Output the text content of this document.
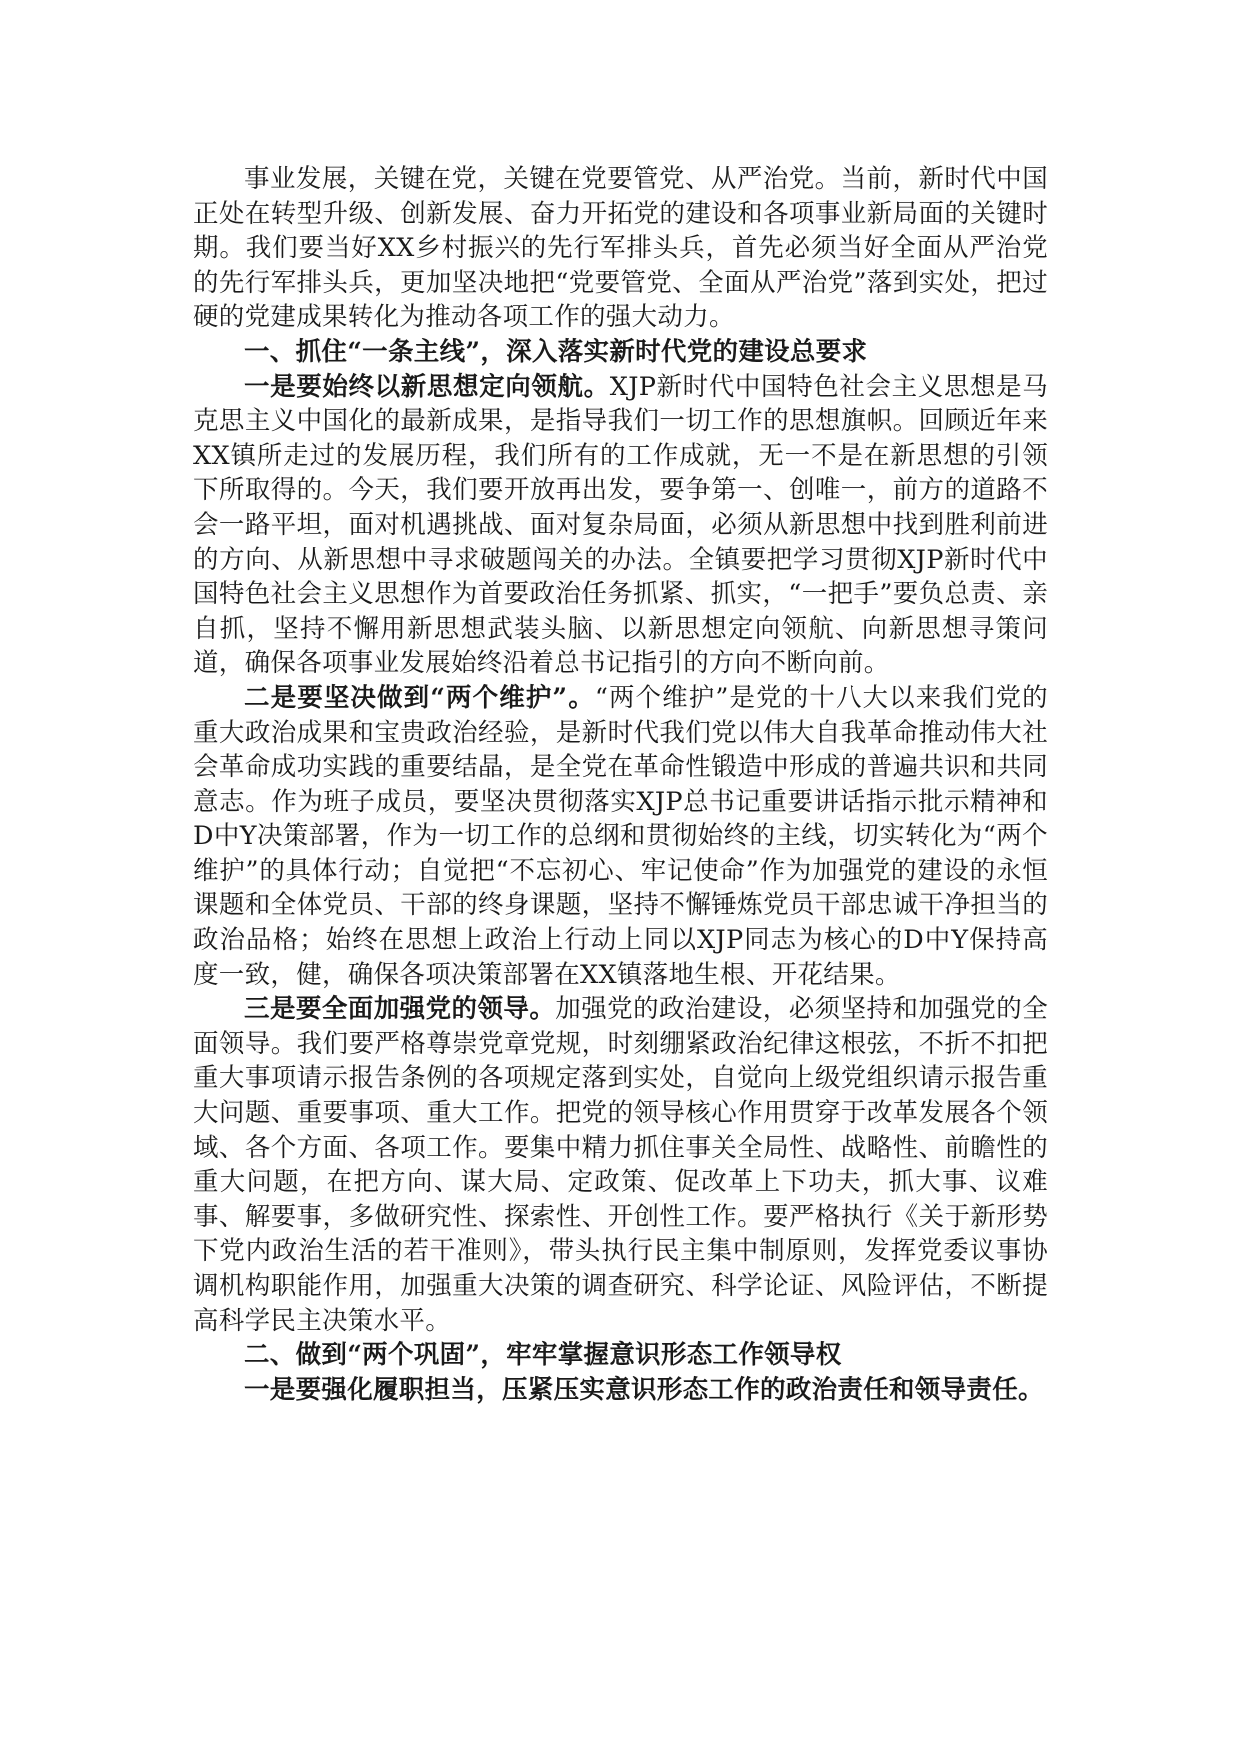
事业发展，关键在党，关键在党要管党、从严治党。当前，新时代中国正处在转型升级、创新发展、奋力开拓党的建设和各项事业新局面的关键时期。我们要当好XX乡村振兴的先行军排头兵，首先必须当好全面从严治党的先行军排头兵，更加坚决地把“党要管党、全面从严治党”落到实处，把过硬的党建成果转化为推动各项工作的强大动力。

一、抓住“一条主线”，深入落实新时代党的建设总要求

一是要始终以新思想定向领航。XJP新时代中国特色社会主义思想是马克思主义中国化的最新成果，是指导我们一切工作的思想旗帜。回顾近年来XX镇所走过的发展历程，我们所有的工作成就，无一不是在新思想的引领下所取得的。今天，我们要开放再出发，要争第一、创唯一，前方的道路不会一路平坦，面对机遇挑战、面对复杂局面，必须从新思想中找到胜利前进的方向、从新思想中寻求破题闯关的办法。全镇要把学习贯彻XJP新时代中国特色社会主义思想作为首要政治任务抓紧、抓实，“一把手”要负总责、亲自抓，坚持不懈用新思想武装头脑、以新思想定向领航、向新思想寻策问道，确保各项事业发展始终沿着总书记指引的方向不断向前。

二是要坚决做到“两个维护”。“两个维护”是党的十八大以来我们党的重大政治成果和宝贵政治经验，是新时代我们党以伟大自我革命推动伟大社会革命成功实践的重要结晶，是全党在革命性锻造中形成的普遍共识和共同意志。作为班子成员，要坚决贯彻落实XJP总书记重要讲话指示批示精神和D中Y决策部署，作为一切工作的总纲和贯彻始终的主线，切实转化为“两个维护”的具体行动；自觉把“不忘初心、牢记使命”作为加强党的建设的永恒课题和全体党员、干部的终身课题，坚持不懈锤炼党员干部忠诚干净担当的政治品格；始终在思想上政治上行动上同以XJP同志为核心的D中Y保持高度一致，健，确保各项决策部署在XX镇落地生根、开花结果。

三是要全面加强党的领导。加强党的政治建设，必须坚持和加强党的全面领导。我们要严格尊崇党章党规，时刻绷紧政治纪律这根弦，不折不扣把重大事项请示报告条例的各项规定落到实处，自觉向上级党组织请示报告重大问题、重要事项、重大工作。把党的领导核心作用贯穿于改革发展各个领域、各个方面、各项工作。要集中精力抓住事关全局性、战略性、前瞻性的重大问题，在把方向、谋大局、定政策、促改革上下功夫，抓大事、议难事、解要事，多做研究性、探索性、开创性工作。要严格执行《关于新形势下党内政治生活的若干准则》，带头执行民主集中制原则，发挥党委议事协调机构职能作用，加强重大决策的调查研究、科学论证、风险评估，不断提高科学民主决策水平。

二、做到“两个巩固”，牢牢掌握意识形态工作领导权

一是要强化履职担当，压紧压实意识形态工作的政治责任和领导责任。
